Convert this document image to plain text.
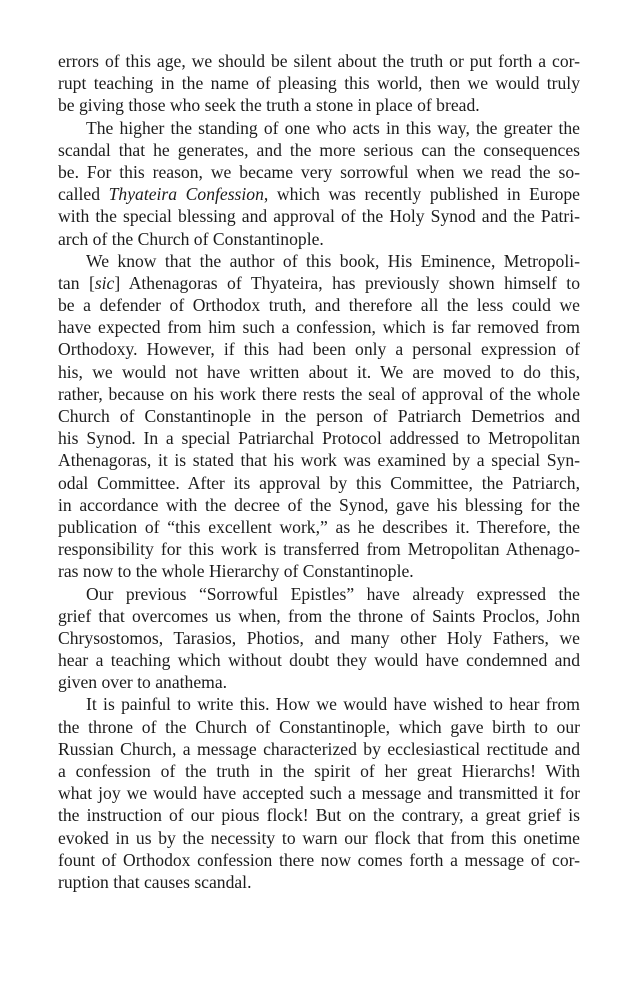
errors of this age, we should be silent about the truth or put forth a cor-
rupt teaching in the name of pleasing this world, then we would truly
be giving those who seek the truth a stone in place of bread.
The higher the standing of one who acts in this way, the greater the
scandal that he generates, and the more serious can the consequences
be. For this reason, we became very sorrowful when we read the so-
called Thyateira Confession, which was recently published in Europe
with the special blessing and approval of the Holy Synod and the Patri-
arch of the Church of Constantinople.
We know that the author of this book, His Eminence, Metropoli-
tan [sic] Athenagoras of Thyateira, has previously shown himself to
be a defender of Orthodox truth, and therefore all the less could we
have expected from him such a confession, which is far removed from
Orthodoxy. However, if this had been only a personal expression of
his, we would not have written about it. We are moved to do this,
rather, because on his work there rests the seal of approval of the whole
Church of Constantinople in the person of Patriarch Demetrios and
his Synod. In a special Patriarchal Protocol addressed to Metropolitan
Athenagoras, it is stated that his work was examined by a special Syn-
odal Committee. After its approval by this Committee, the Patriarch,
in accordance with the decree of the Synod, gave his blessing for the
publication of “this excellent work,” as he describes it. Therefore, the
responsibility for this work is transferred from Metropolitan Athenago-
ras now to the whole Hierarchy of Constantinople.
Our previous “Sorrowful Epistles” have already expressed the
grief that overcomes us when, from the throne of Saints Proclos, John
Chrysostomos, Tarasios, Photios, and many other Holy Fathers, we
hear a teaching which without doubt they would have condemned and
given over to anathema.
It is painful to write this. How we would have wished to hear from
the throne of the Church of Constantinople, which gave birth to our
Russian Church, a message characterized by ecclesiastical rectitude and
a confession of the truth in the spirit of her great Hierarchs! With
what joy we would have accepted such a message and transmitted it for
the instruction of our pious flock! But on the contrary, a great grief is
evoked in us by the necessity to warn our flock that from this onetime
fount of Orthodox confession there now comes forth a message of cor-
ruption that causes scandal.
